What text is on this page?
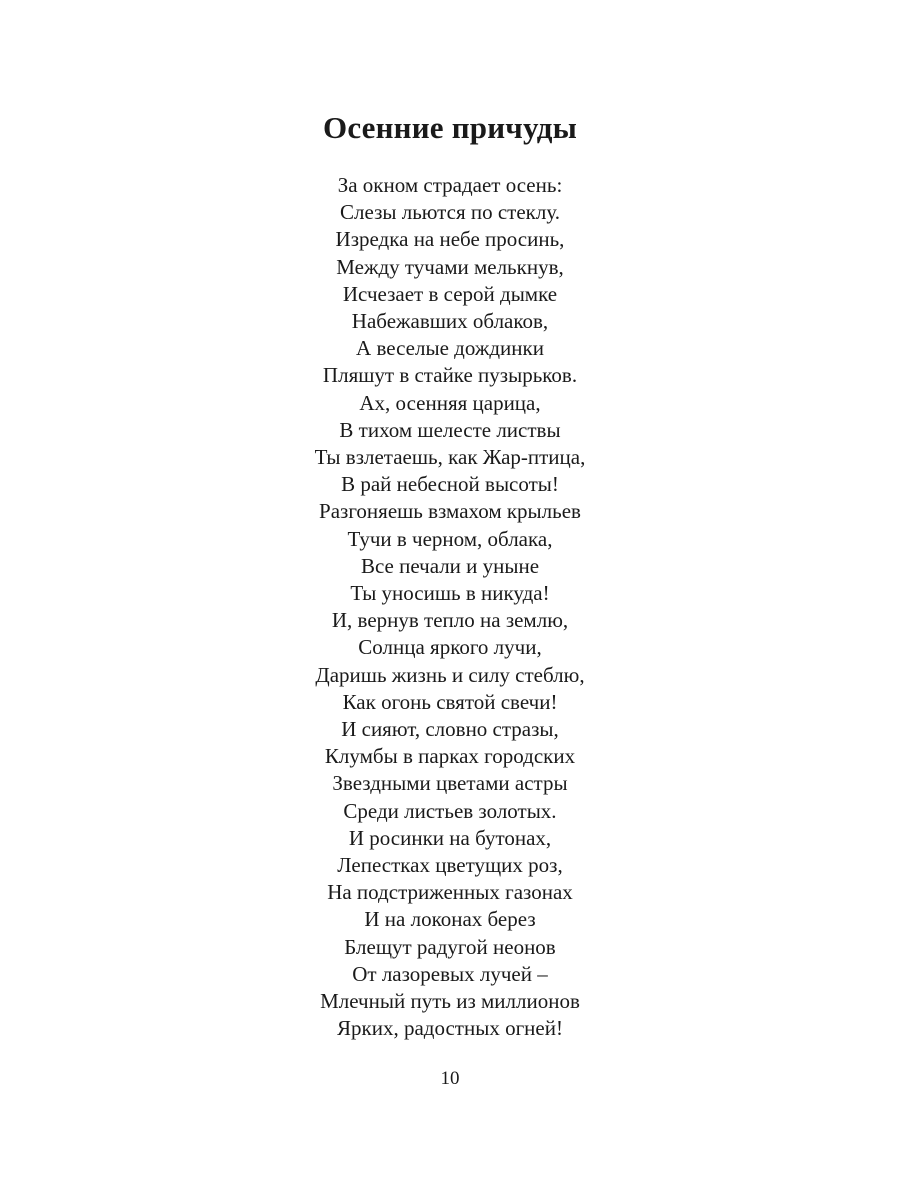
Осенние причуды
За окном страдает осень:
Слезы льются по стеклу.
Изредка на небе просинь,
Между тучами мелькнув,
Исчезает в серой дымке
Набежавших облаков,
А веселые дождинки
Пляшут в стайке пузырьков.
Ах, осенняя царица,
В тихом шелесте листвы
Ты взлетаешь, как Жар-птица,
В рай небесной высоты!
Разгоняешь взмахом крыльев
Тучи в черном, облака,
Все печали и уныне
Ты уносишь в никуда!
И, вернув тепло на землю,
Солнца яркого лучи,
Даришь жизнь и силу стеблю,
Как огонь святой свечи!
И сияют, словно стразы,
Клумбы в парках городских
Звездными цветами астры
Среди листьев золотых.
И росинки на бутонах,
Лепестках цветущих роз,
На подстриженных газонах
И на локонах берез
Блещут радугой неонов
От лазоревых лучей –
Млечный путь из миллионов
Ярких, радостных огней!
10
